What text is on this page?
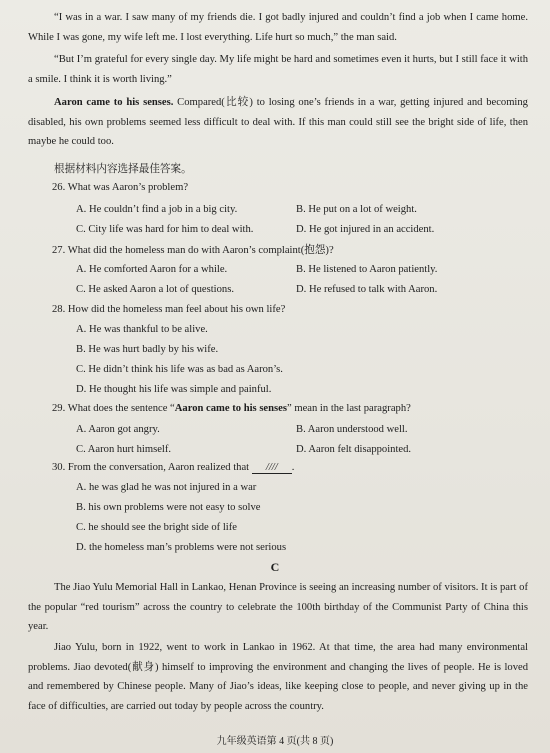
“I was in a war. I saw many of my friends die. I got badly injured and couldn’t find a job when I came home. While I was gone, my wife left me. I lost everything. Life hurt so much,” the man said.
“But I’m grateful for every single day. My life might be hard and sometimes even it hurts, but I still face it with a smile. I think it is worth living.”
Aaron came to his senses. Compared(比较) to losing one’s friends in a war, getting injured and becoming disabled, his own problems seemed less difficult to deal with. If this man could still see the bright side of life, then maybe he could too.
根据材料内容选择最佳答案。
26. What was Aaron’s problem?
A. He couldn’t find a job in a big city.	B. He put on a lot of weight.
C. City life was hard for him to deal with.	D. He got injured in an accident.
27. What did the homeless man do with Aaron’s complaint(抱怨)?
A. He comforted Aaron for a while.	B. He listened to Aaron patiently.
C. He asked Aaron a lot of questions.	D. He refused to talk with Aaron.
28. How did the homeless man feel about his own life?
A. He was thankful to be alive.
B. He was hurt badly by his wife.
C. He didn’t think his life was as bad as Aaron’s.
D. He thought his life was simple and painful.
29. What does the sentence “Aaron came to his senses” mean in the last paragraph?
A. Aaron got angry.	B. Aaron understood well.
C. Aaron hurt himself.	D. Aaron felt disappointed.
30. From the conversation, Aaron realized that //// .
A. he was glad he was not injured in a war
B. his own problems were not easy to solve
C. he should see the bright side of life
D. the homeless man’s problems were not serious
C
The Jiao Yulu Memorial Hall in Lankao, Henan Province is seeing an increasing number of visitors. It is part of the popular “red tourism” across the country to celebrate the 100th birthday of the Communist Party of China this year.
Jiao Yulu, born in 1922, went to work in Lankao in 1962. At that time, the area had many environmental problems. Jiao devoted(献身) himself to improving the environment and changing the lives of people. He is loved and remembered by Chinese people. Many of Jiao’s ideas, like keeping close to people, and never giving up in the face of difficulties, are carried out today by people across the country.
九年级英语第 4 页(共 8 页)
